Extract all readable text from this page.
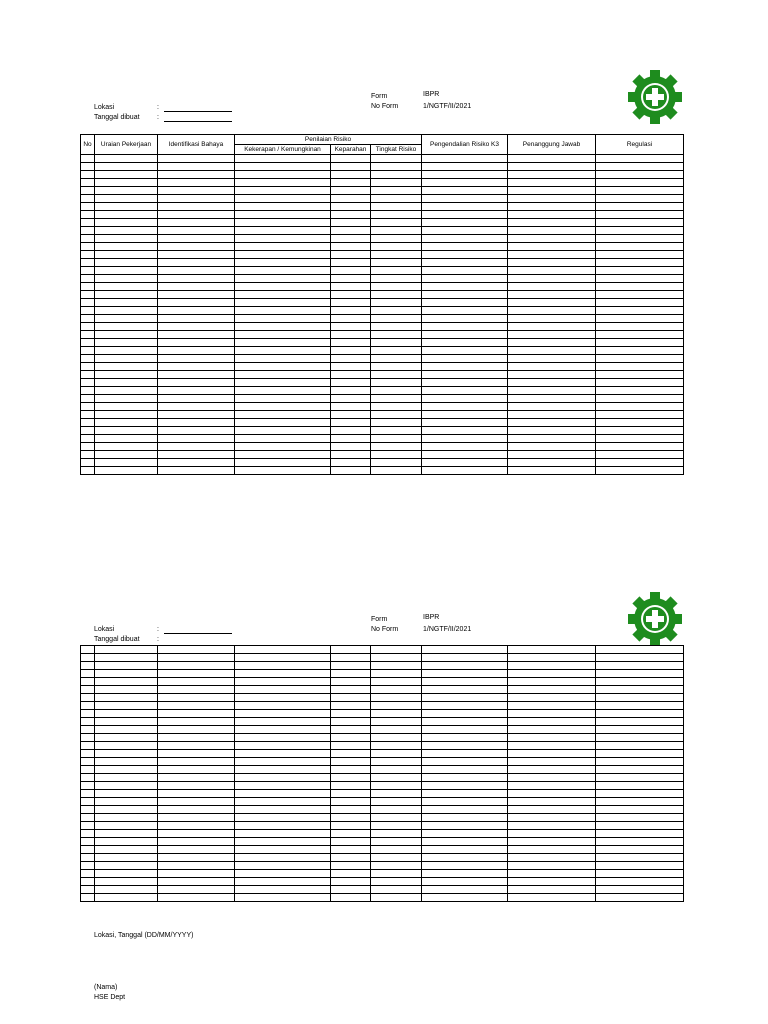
Form	IBPR
No Form	1/NGTF/II/2021
Lokasi	:
Tanggal dibuat :
No	Uraian Pekerjaan	Identifikasi Bahaya	Penilaian Risiko			Pengendalian Risiko K3	Penanggung Jawab	Regulasi
			Kekerapan / Kemungkinan	Keparahan	Tingkat Risiko			

Form	IBPR
No Form	1/NGTF/II/2021
Lokasi	:
Tanggal dibuat :

Lokasi, Tanggal (DD/MM/YYYY)
(Nama)
HSE Dept
